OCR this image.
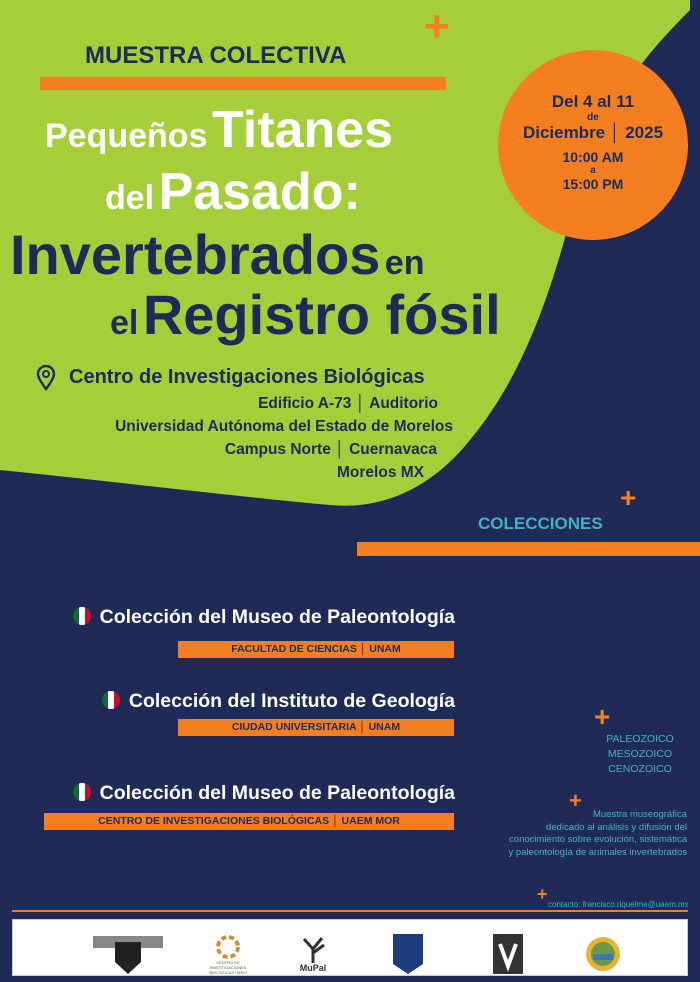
+
MUESTRA COLECTIVA
Pequeños Titanes
del Pasado:
Invertebrados en
el Registro fósil
Del 4 al 11
de
Diciembre │ 2025
10:00 AM
a
15:00 PM
Centro de Investigaciones Biológicas
Edificio A-73 │ Auditorio
Universidad Autónoma del Estado de Morelos
Campus Norte │ Cuernavaca
Morelos MX
+
COLECCIONES
Colección del Museo de Paleontología
FACULTAD DE CIENCIAS │ UNAM
Colección del Instituto de Geología
CIUDAD UNIVERSITARIA │ UNAM
Colección del Museo de Paleontología
CENTRO DE INVESTIGACIONES BIOLÓGICAS │ UAEM MOR
+
PALEOZOICO
MESOZOICO
CENOZOICO
+
Muestra museográfica
dedicado al análisis y difusión del
conocimiento sobre evolución, sistemática
y paleontología de animales invertebrados
+
contacto: francisco.riquelme@uaem.mx
CENTRO DE INVESTIGACIONES BIOLÓGICAS UAEM	MuPal
